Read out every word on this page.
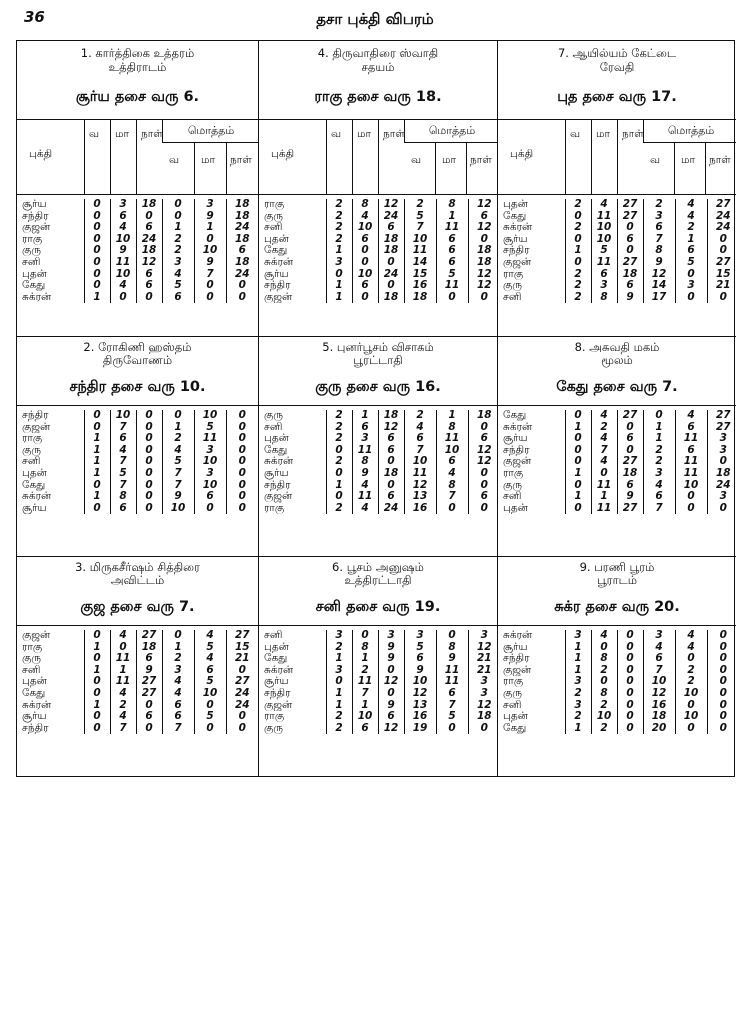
36	தசா புக்தி விபரம்
1. கார்த்திகை உத்தரம்
உத்திராடம்
சூர்ய தசை வரு 6.
புக்தி
வ மா நாள்	மொத்தம்
வ மா நாள்
சூர்ய	0	3	18	0	3	18
சந்திர	0	6	0	0	9	18
குஜன்	0	4	6	1	1	24
ராகு	0	10	24	2	0	18
குரு	0	9	18	2	10	6
சனி	0	11	12	3	9	18
புதன்	0	10	6	4	7	24
கேது	0	4	6	5	0	0
சுக்ரன்	1	0	0	6	0	0
4. திருவாதிரை ஸ்வாதி
சதயம்
ராகு தசை வரு 18.
புக்தி
வ மா நாள்	மொத்தம்
வ மா நாள்
ராகு	2	8	12	2	8	12
குரு	2	4	24	5	1	6
சனி	2	10	6	7	11	12
புதன்	2	6	18	10	6	0
கேது	1	0	18	11	6	18
சுக்ரன்	3	0	0	14	6	18
சூர்ய	0	10	24	15	5	12
சந்திர	1	6	0	16	11	12
குஜன்	1	0	18	18	0	0
7. ஆயில்யம் கேட்டை
ரேவதி
புத தசை வரு 17.
புக்தி
வ மா நாள்	மொத்தம்
வ மா நாள்
புதன்	2	4	27	2	4	27
கேது	0	11	27	3	4	24
சுக்ரன்	2	10	0	6	2	24
சூர்ய	0	10	6	7	1	0
சந்திர	1	5	0	8	6	0
குஜன்	0	11	27	9	5	27
ராகு	2	6	18	12	0	15
குரு	2	3	6	14	3	21
சனி	2	8	9	17	0	0
2. ரோகிணி ஹஸ்தம்
திருவோணம்
சந்திர தசை வரு 10.
சந்திர	0	10	0	0	10	0
குஜன்	0	7	0	1	5	0
ராகு	1	6	0	2	11	0
குரு	1	4	0	4	3	0
சனி	1	7	0	5	10	0
புதன்	1	5	0	7	3	0
கேது	0	7	0	7	10	0
சுக்ரன்	1	8	0	9	6	0
சூர்ய	0	6	0	10	0	0
5. புனர்பூசம் விசாகம்
பூரட்டாதி
குரு தசை வரு 16.
குரு	2	1	18	2	1	18
சனி	2	6	12	4	8	0
புதன்	2	3	6	6	11	6
கேது	0	11	6	7	10	12
சுக்ரன்	2	8	0	10	6	12
சூர்ய	0	9	18	11	4	0
சந்திர	1	4	0	12	8	0
குஜன்	0	11	6	13	7	6
ராகு	2	4	24	16	0	0
8. அசுவதி மகம்
மூலம்
கேது தசை வரு 7.
கேது	0	4	27	0	4	27
சுக்ரன்	1	2	0	1	6	27
சூர்ய	0	4	6	1	11	3
சந்திர	0	7	0	2	6	3
குஜன்	0	4	27	2	11	0
ராகு	1	0	18	3	11	18
குரு	0	11	6	4	10	24
சனி	1	1	9	6	0	3
புதன்	0	11	27	7	0	0
3. மிருகசீர்ஷம் சித்திரை
அவிட்டம்
குஜ தசை வரு 7.
குஜன்	0	4	27	0	4	27
ராகு	1	0	18	1	5	15
குரு	0	11	6	2	4	21
சனி	1	1	9	3	6	0
புதன்	0	11	27	4	5	27
கேது	0	4	27	4	10	24
சுக்ரன்	1	2	0	6	0	24
சூர்ய	0	4	6	6	5	0
சந்திர	0	7	0	7	0	0
6. பூசம் அனுஷம்
உத்திரட்டாதி
சனி தசை வரு 19.
சனி	3	0	3	3	0	3
புதன்	2	8	9	5	8	12
கேது	1	1	9	6	9	21
சுக்ரன்	3	2	0	9	11	21
சூர்ய	0	11	12	10	11	3
சந்திர	1	7	0	12	6	3
குஜன்	1	1	9	13	7	12
ராகு	2	10	6	16	5	18
குரு	2	6	12	19	0	0
9. பரணி பூரம்
பூராடம்
சுக்ர தசை வரு 20.
சுக்ரன்	3	4	0	3	4	0
சூர்ய	1	0	0	4	4	0
சந்திர	1	8	0	6	0	0
குஜன்	1	2	0	7	2	0
ராகு	3	0	0	10	2	0
குரு	2	8	0	12	10	0
சனி	3	2	0	16	0	0
புதன்	2	10	0	18	10	0
கேது	1	2	0	20	0	0
